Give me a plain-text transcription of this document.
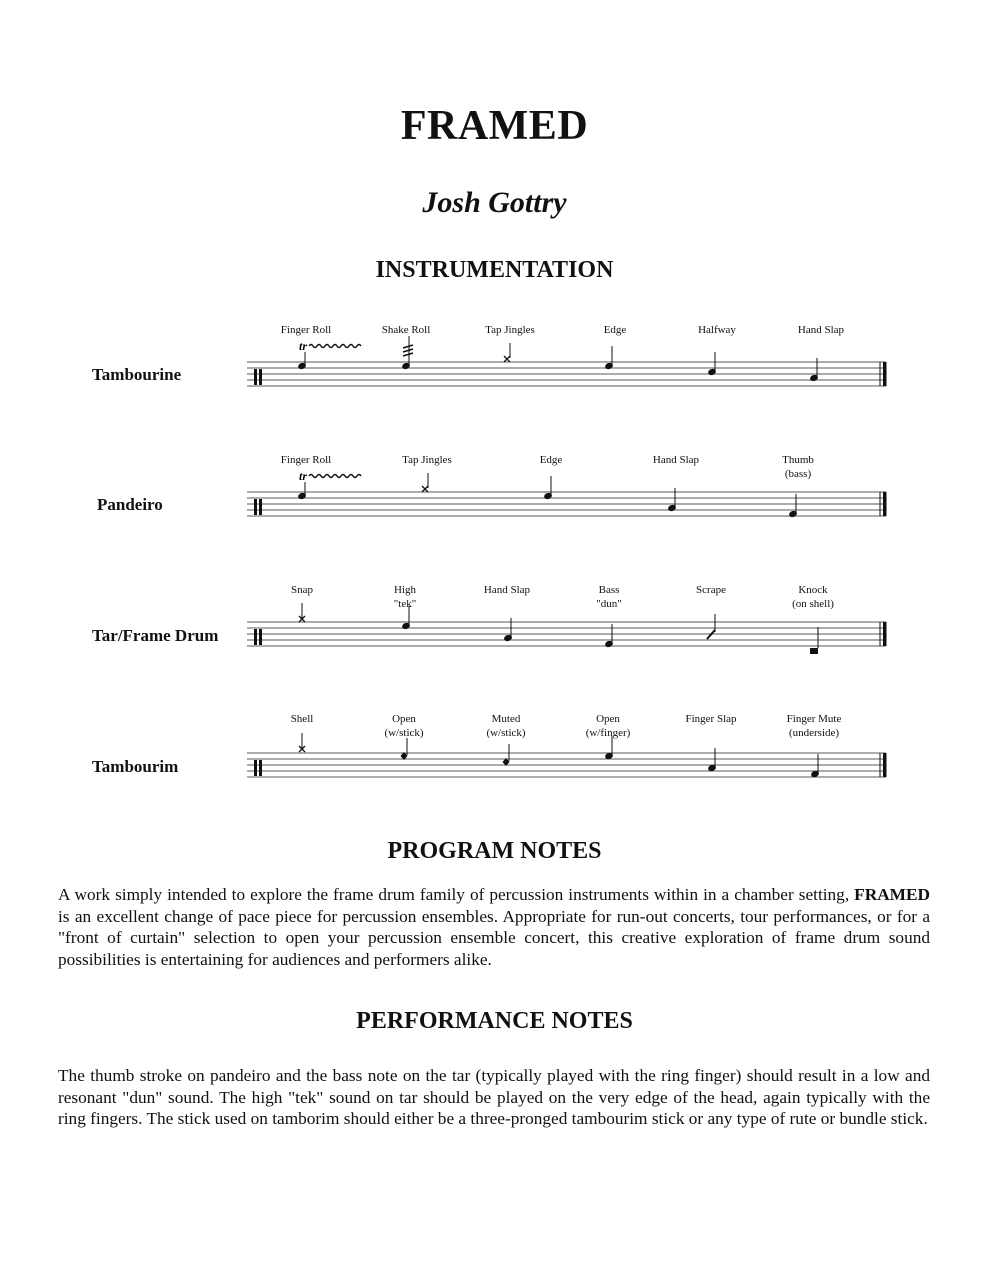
FRAMED
Josh Gottry
INSTRUMENTATION
Tambourine
Pandeiro
Tar/Frame Drum
Tambourim
Finger Roll	Shake Roll	Tap Jingles	Edge	Halfway	Hand Slap
Finger Roll	Tap Jingles	Edge	Hand Slap	Thumb
(bass)
Snap	High
"tek"
Hand Slap	Bass
"dun"
Scrape	Knock
(on shell)
Shell	Open
(w/stick)
Muted
(w/stick)
Open
(w/finger)
Finger Slap	Finger Mute
(underside)
tr
tr
PROGRAM NOTES

A work simply intended to explore the frame drum family of percussion instruments within in a chamber setting, FRAMED is an excellent change of pace piece for percussion ensembles. Appropriate for run-out concerts, tour performances, or for a "front of curtain" selection to open your percussion ensemble concert, this creative exploration of frame drum sound possibilities is entertaining for audiences and performers alike.

PERFORMANCE NOTES

The thumb stroke on pandeiro and the bass note on the tar (typically played with the ring finger) should result in a low and resonant "dun" sound. The high "tek" sound on tar should be played on the very edge of the head, again typically with the ring fingers. The stick used on tamborim should either be a three-pronged tambourim stick or any type of rute or bundle stick.
